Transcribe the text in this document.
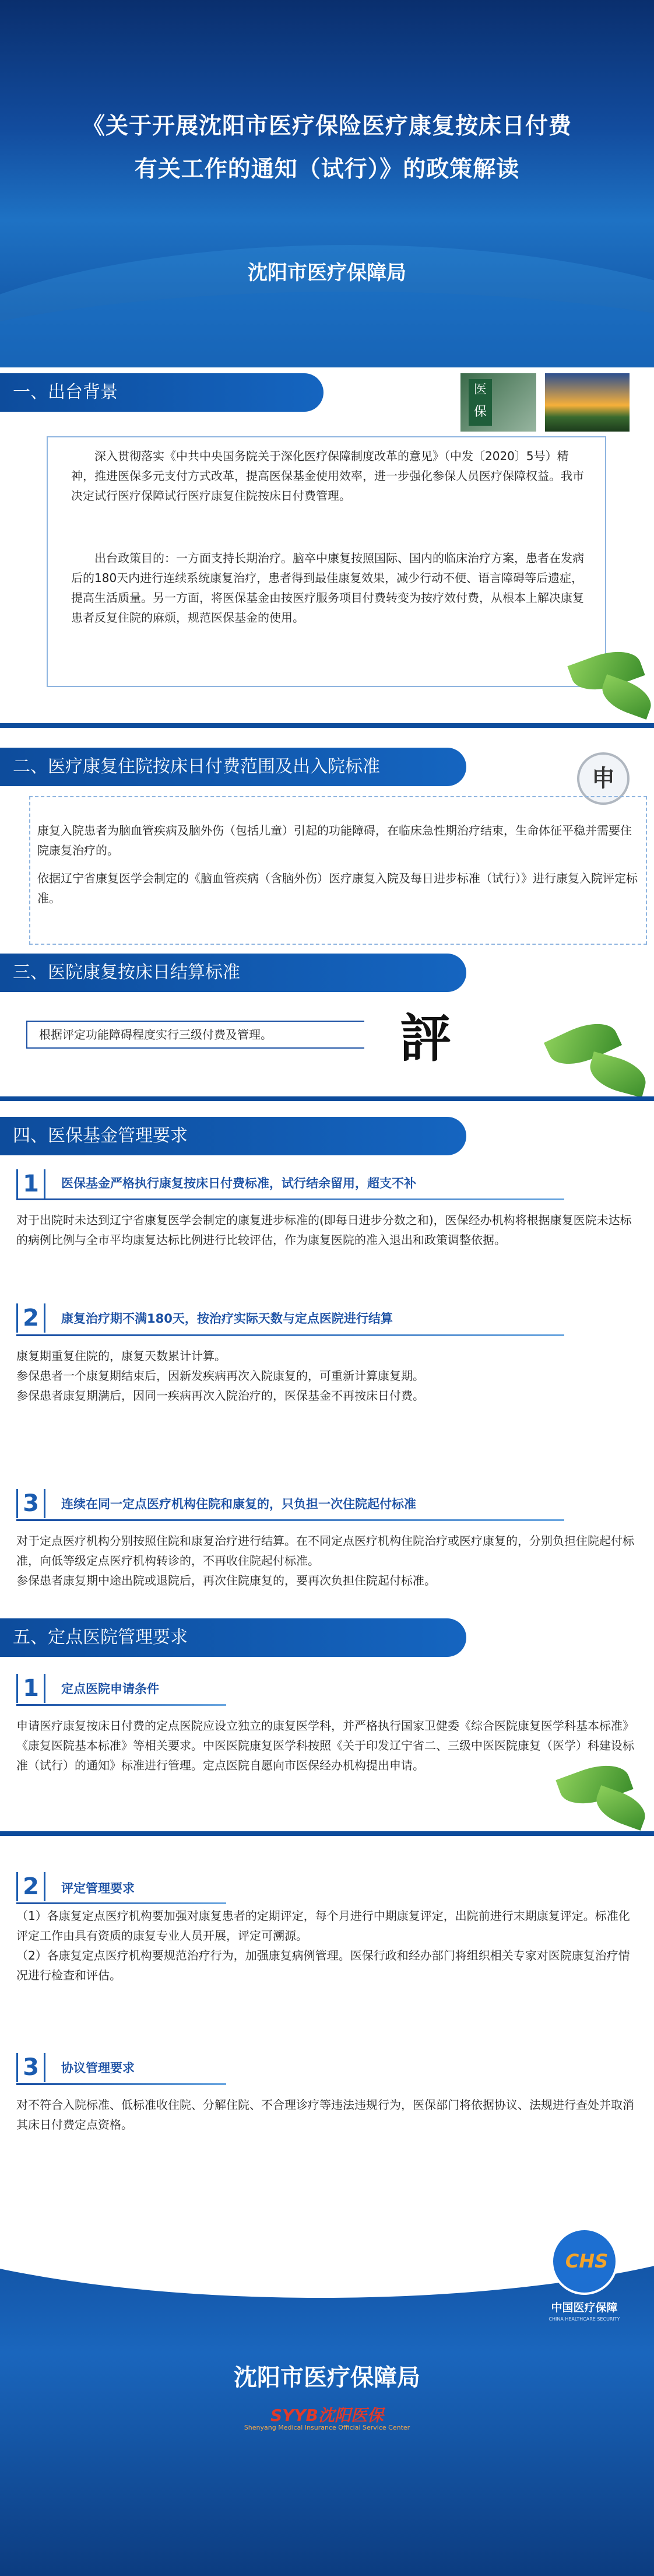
《关于开展沈阳市医疗保险医疗康复按床日付费
有关工作的通知（试行）》的政策解读
沈阳市医疗保障局
一、出台背景	医保
深入贯彻落实《中共中央国务院关于深化医疗保障制度改革的意见》（中发〔2020〕5号）精神，推进医保多元支付方式改革，提高医保基金使用效率，进一步强化参保人员医疗保障权益。我市决定试行医疗保障试行医疗康复住院按床日付费管理。
出台政策目的：一方面支持长期治疗。脑卒中康复按照国际、国内的临床治疗方案，患者在发病后的180天内进行连续系统康复治疗，患者得到最佳康复效果，减少行动不便、语言障碍等后遗症，提高生活质量。另一方面，将医保基金由按医疗服务项目付费转变为按疗效付费，从根本上解决康复患者反复住院的麻烦，规范医保基金的使用。
二、医疗康复住院按床日付费范围及出入院标准	申
康复入院患者为脑血管疾病及脑外伤（包括儿童）引起的功能障碍，在临床急性期治疗结束，生命体征平稳并需要住院康复治疗的。
依据辽宁省康复医学会制定的《脑血管疾病（含脑外伤）医疗康复入院及每日进步标准（试行）》进行康复入院评定标准。
三、医院康复按床日结算标准
根据评定功能障碍程度实行三级付费及管理。	評
四、医保基金管理要求
1	医保基金严格执行康复按床日付费标准，试行结余留用，超支不补
对于出院时未达到辽宁省康复医学会制定的康复进步标准的(即每日进步分数之和)，医保经办机构将根据康复医院未达标的病例比例与全市平均康复达标比例进行比较评估，作为康复医院的准入退出和政策调整依据。
2	康复治疗期不满180天，按治疗实际天数与定点医院进行结算
康复期重复住院的，康复天数累计计算。
参保患者一个康复期结束后，因新发疾病再次入院康复的，可重新计算康复期。
参保患者康复期满后，因同一疾病再次入院治疗的，医保基金不再按床日付费。
3	连续在同一定点医疗机构住院和康复的，只负担一次住院起付标准
对于定点医疗机构分别按照住院和康复治疗进行结算。在不同定点医疗机构住院治疗或医疗康复的，分别负担住院起付标准，向低等级定点医疗机构转诊的，不再收住院起付标准。
参保患者康复期中途出院或退院后，再次住院康复的，要再次负担住院起付标准。
五、定点医院管理要求
1	定点医院申请条件
申请医疗康复按床日付费的定点医院应设立独立的康复医学科，并严格执行国家卫健委《综合医院康复医学科基本标准》《康复医院基本标准》等相关要求。中医医院康复医学科按照《关于印发辽宁省二、三级中医医院康复（医学）科建设标准（试行）的通知》标准进行管理。定点医院自愿向市医保经办机构提出申请。
2	评定管理要求
（1）各康复定点医疗机构要加强对康复患者的定期评定，每个月进行中期康复评定，出院前进行末期康复评定。标准化评定工作由具有资质的康复专业人员开展，评定可溯源。
（2）各康复定点医疗机构要规范治疗行为，加强康复病例管理。医保行政和经办部门将组织相关专家对医院康复治疗情况进行检查和评估。
3	协议管理要求
对不符合入院标准、低标准收住院、分解住院、不合理诊疗等违法违规行为，医保部门将依据协议、法规进行查处并取消其床日付费定点资格。
CHS
中国医疗保障
CHINA HEALTHCARE SECURITY
沈阳市医疗保障局
SYYB沈阳医保
Shenyang Medical Insurance Official Service Center
